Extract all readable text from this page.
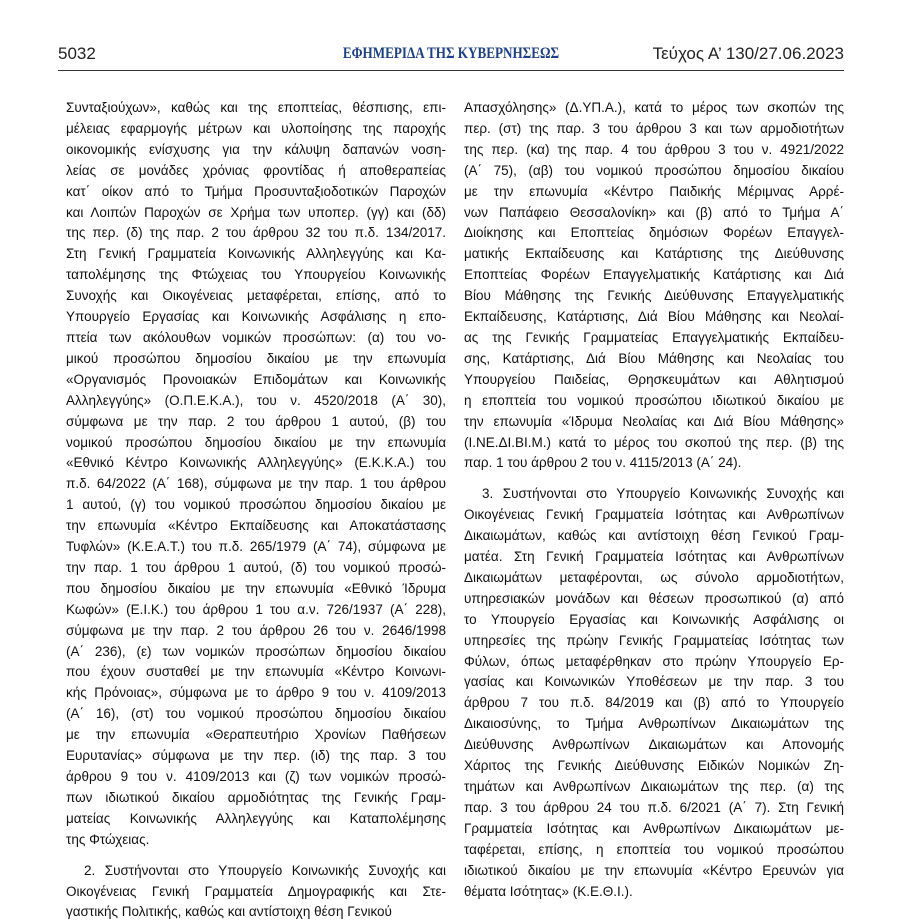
5032	ΕΦΗΜΕΡΙΔΑ ΤΗΣ ΚΥΒΕΡΝΗΣΕΩΣ	Τεύχος Α’ 130/27.06.2023

Συνταξιούχων», καθώς και της εποπτείας, θέσπισης, επι-
μέλειας εφαρμογής μέτρων και υλοποίησης της παροχής
οικονομικής ενίσχυσης για την κάλυψη δαπανών νοση-
λείας σε μονάδες χρόνιας φροντίδας ή αποθεραπείας
κατ΄ οίκον από το Τμήμα Προσυνταξιοδοτικών Παροχών
και Λοιπών Παροχών σε Χρήμα των υποπερ. (γγ) και (δδ)
της περ. (δ) της παρ. 2 του άρθρου 32 του π.δ. 134/2017.
Στη Γενική Γραμματεία Κοινωνικής Αλληλεγγύης και Κα-
ταπολέμησης της Φτώχειας του Υπουργείου Κοινωνικής
Συνοχής και Οικογένειας μεταφέρεται, επίσης, από το
Υπουργείο Εργασίας και Κοινωνικής Ασφάλισης η επο-
πτεία των ακόλουθων νομικών προσώπων: (α) του νο-
μικού προσώπου δημοσίου δικαίου με την επωνυμία
«Οργανισμός Προνοιακών Επιδομάτων και Κοινωνικής
Αλληλεγγύης» (Ο.Π.Ε.Κ.Α.), του ν. 4520/2018 (Α΄ 30),
σύμφωνα με την παρ. 2 του άρθρου 1 αυτού, (β) του
νομικού προσώπου δημοσίου δικαίου με την επωνυμία
«Εθνικό Κέντρο Κοινωνικής Αλληλεγγύης» (Ε.Κ.Κ.Α.) του
π.δ. 64/2022 (Α΄ 168), σύμφωνα με την παρ. 1 του άρθρου
1 αυτού, (γ) του νομικού προσώπου δημοσίου δικαίου με
την επωνυμία «Κέντρο Εκπαίδευσης και Αποκατάστασης
Τυφλών» (Κ.Ε.Α.Τ.) του π.δ. 265/1979 (Α΄ 74), σύμφωνα με
την παρ. 1 του άρθρου 1 αυτού, (δ) του νομικού προσώ-
που δημοσίου δικαίου με την επωνυμία «Εθνικό Ίδρυμα
Κωφών» (Ε.Ι.Κ.) του άρθρου 1 του α.ν. 726/1937 (Α΄ 228),
σύμφωνα με την παρ. 2 του άρθρου 26 του ν. 2646/1998
(Α΄ 236), (ε) των νομικών προσώπων δημοσίου δικαίου
που έχουν συσταθεί με την επωνυμία «Κέντρο Κοινωνι-
κής Πρόνοιας», σύμφωνα με το άρθρο 9 του ν. 4109/2013
(Α΄ 16), (στ) του νομικού προσώπου δημοσίου δικαίου
με την επωνυμία «Θεραπευτήριο Χρονίων Παθήσεων
Ευρυτανίας» σύμφωνα με την περ. (ιδ) της παρ. 3 του
άρθρου 9 του ν. 4109/2013 και (ζ) των νομικών προσώ-
πων ιδιωτικού δικαίου αρμοδιότητας της Γενικής Γραμ-
ματείας Κοινωνικής Αλληλεγγύης και Καταπολέμησης
της Φτώχειας.

2. Συστήνονται στο Υπουργείο Κοινωνικής Συνοχής και
Οικογένειας Γενική Γραμματεία Δημογραφικής και Στε-
γαστικής Πολιτικής, καθώς και αντίστοιχη θέση Γενικού

Απασχόλησης» (Δ.ΥΠ.Α.), κατά το μέρος των σκοπών της
περ. (στ) της παρ. 3 του άρθρου 3 και των αρμοδιοτήτων
της περ. (κα) της παρ. 4 του άρθρου 3 του ν. 4921/2022
(Α΄ 75), (αβ) του νομικού προσώπου δημοσίου δικαίου
με την επωνυμία «Κέντρο Παιδικής Μέριμνας Αρρέ-
νων Παπάφειο Θεσσαλονίκη» και (β) από το Τμήμα Α΄
Διοίκησης και Εποπτείας δημόσιων Φορέων Επαγγελ-
ματικής Εκπαίδευσης και Κατάρτισης της Διεύθυνσης
Εποπτείας Φορέων Επαγγελματικής Κατάρτισης και Διά
Βίου Μάθησης της Γενικής Διεύθυνσης Επαγγελματικής
Εκπαίδευσης, Κατάρτισης, Διά Βίου Μάθησης και Νεολαί-
ας της Γενικής Γραμματείας Επαγγελματικής Εκπαίδευ-
σης, Κατάρτισης, Διά Βίου Μάθησης και Νεολαίας του
Υπουργείου Παιδείας, Θρησκευμάτων και Αθλητισμού
η εποπτεία του νομικού προσώπου ιδιωτικού δικαίου με
την επωνυμία «Ίδρυμα Νεολαίας και Διά Βίου Μάθησης»
(Ι.ΝΕ.ΔΙ.ΒΙ.Μ.) κατά το μέρος του σκοπού της περ. (β) της
παρ. 1 του άρθρου 2 του ν. 4115/2013 (Α΄ 24).

3. Συστήνονται στο Υπουργείο Κοινωνικής Συνοχής και
Οικογένειας Γενική Γραμματεία Ισότητας και Ανθρωπίνων
Δικαιωμάτων, καθώς και αντίστοιχη θέση Γενικού Γραμ-
ματέα. Στη Γενική Γραμματεία Ισότητας και Ανθρωπίνων
Δικαιωμάτων μεταφέρονται, ως σύνολο αρμοδιοτήτων,
υπηρεσιακών μονάδων και θέσεων προσωπικού (α) από
το Υπουργείο Εργασίας και Κοινωνικής Ασφάλισης οι
υπηρεσίες της πρώην Γενικής Γραμματείας Ισότητας των
Φύλων, όπως μεταφέρθηκαν στο πρώην Υπουργείο Ερ-
γασίας και Κοινωνικών Υποθέσεων με την παρ. 3 του
άρθρου 7 του π.δ. 84/2019 και (β) από το Υπουργείο
Δικαιοσύνης, το Τμήμα Ανθρωπίνων Δικαιωμάτων της
Διεύθυνσης Ανθρωπίνων Δικαιωμάτων και Απονομής
Χάριτος της Γενικής Διεύθυνσης Ειδικών Νομικών Ζη-
τημάτων και Ανθρωπίνων Δικαιωμάτων της περ. (α) της
παρ. 3 του άρθρου 24 του π.δ. 6/2021 (Α΄ 7). Στη Γενική
Γραμματεία Ισότητας και Ανθρωπίνων Δικαιωμάτων με-
ταφέρεται, επίσης, η εποπτεία του νομικού προσώπου
ιδιωτικού δικαίου με την επωνυμία «Κέντρο Ερευνών για
θέματα Ισότητας» (Κ.Ε.Θ.Ι.).
